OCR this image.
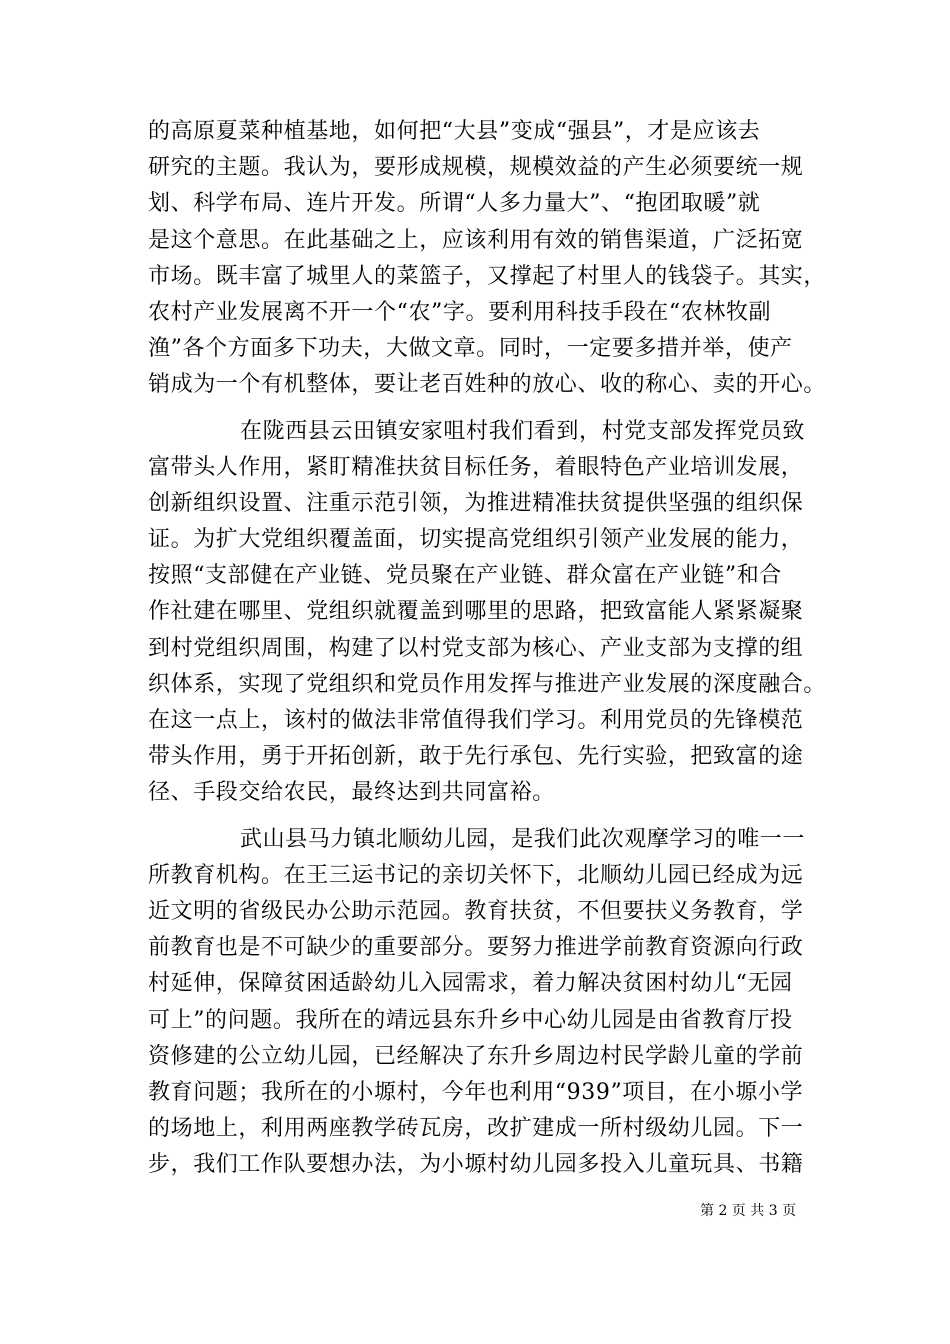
的高原夏菜种植基地，如何把“大县”变成“强县”，才是应该去
研究的主题。我认为，要形成规模，规模效益的产生必须要统一规
划、科学布局、连片开发。所谓“人多力量大”、“抱团取暖”就
是这个意思。在此基础之上，应该利用有效的销售渠道，广泛拓宽
市场。既丰富了城里人的菜篮子，又撑起了村里人的钱袋子。其实，
农村产业发展离不开一个“农”字。要利用科技手段在“农林牧副
渔”各个方面多下功夫，大做文章。同时，一定要多措并举，使产
销成为一个有机整体，要让老百姓种的放心、收的称心、卖的开心。
在陇西县云田镇安家咀村我们看到，村党支部发挥党员致
富带头人作用，紧盯精准扶贫目标任务，着眼特色产业培训发展，
创新组织设置、注重示范引领，为推进精准扶贫提供坚强的组织保
证。为扩大党组织覆盖面，切实提高党组织引领产业发展的能力，
按照“支部健在产业链、党员聚在产业链、群众富在产业链”和合
作社建在哪里、党组织就覆盖到哪里的思路，把致富能人紧紧凝聚
到村党组织周围，构建了以村党支部为核心、产业支部为支撑的组
织体系，实现了党组织和党员作用发挥与推进产业发展的深度融合。
在这一点上，该村的做法非常值得我们学习。利用党员的先锋模范
带头作用，勇于开拓创新，敢于先行承包、先行实验，把致富的途
径、手段交给农民，最终达到共同富裕。
武山县马力镇北顺幼儿园，是我们此次观摩学习的唯一一
所教育机构。在王三运书记的亲切关怀下，北顺幼儿园已经成为远
近文明的省级民办公助示范园。教育扶贫，不但要扶义务教育，学
前教育也是不可缺少的重要部分。要努力推进学前教育资源向行政
村延伸，保障贫困适龄幼儿入园需求，着力解决贫困村幼儿“无园
可上”的问题。我所在的靖远县东升乡中心幼儿园是由省教育厅投
资修建的公立幼儿园，已经解决了东升乡周边村民学龄儿童的学前
教育问题；我所在的小塬村，今年也利用“939”项目，在小塬小学
的场地上，利用两座教学砖瓦房，改扩建成一所村级幼儿园。下一
步，我们工作队要想办法，为小塬村幼儿园多投入儿童玩具、书籍
第 2 页 共 3 页
